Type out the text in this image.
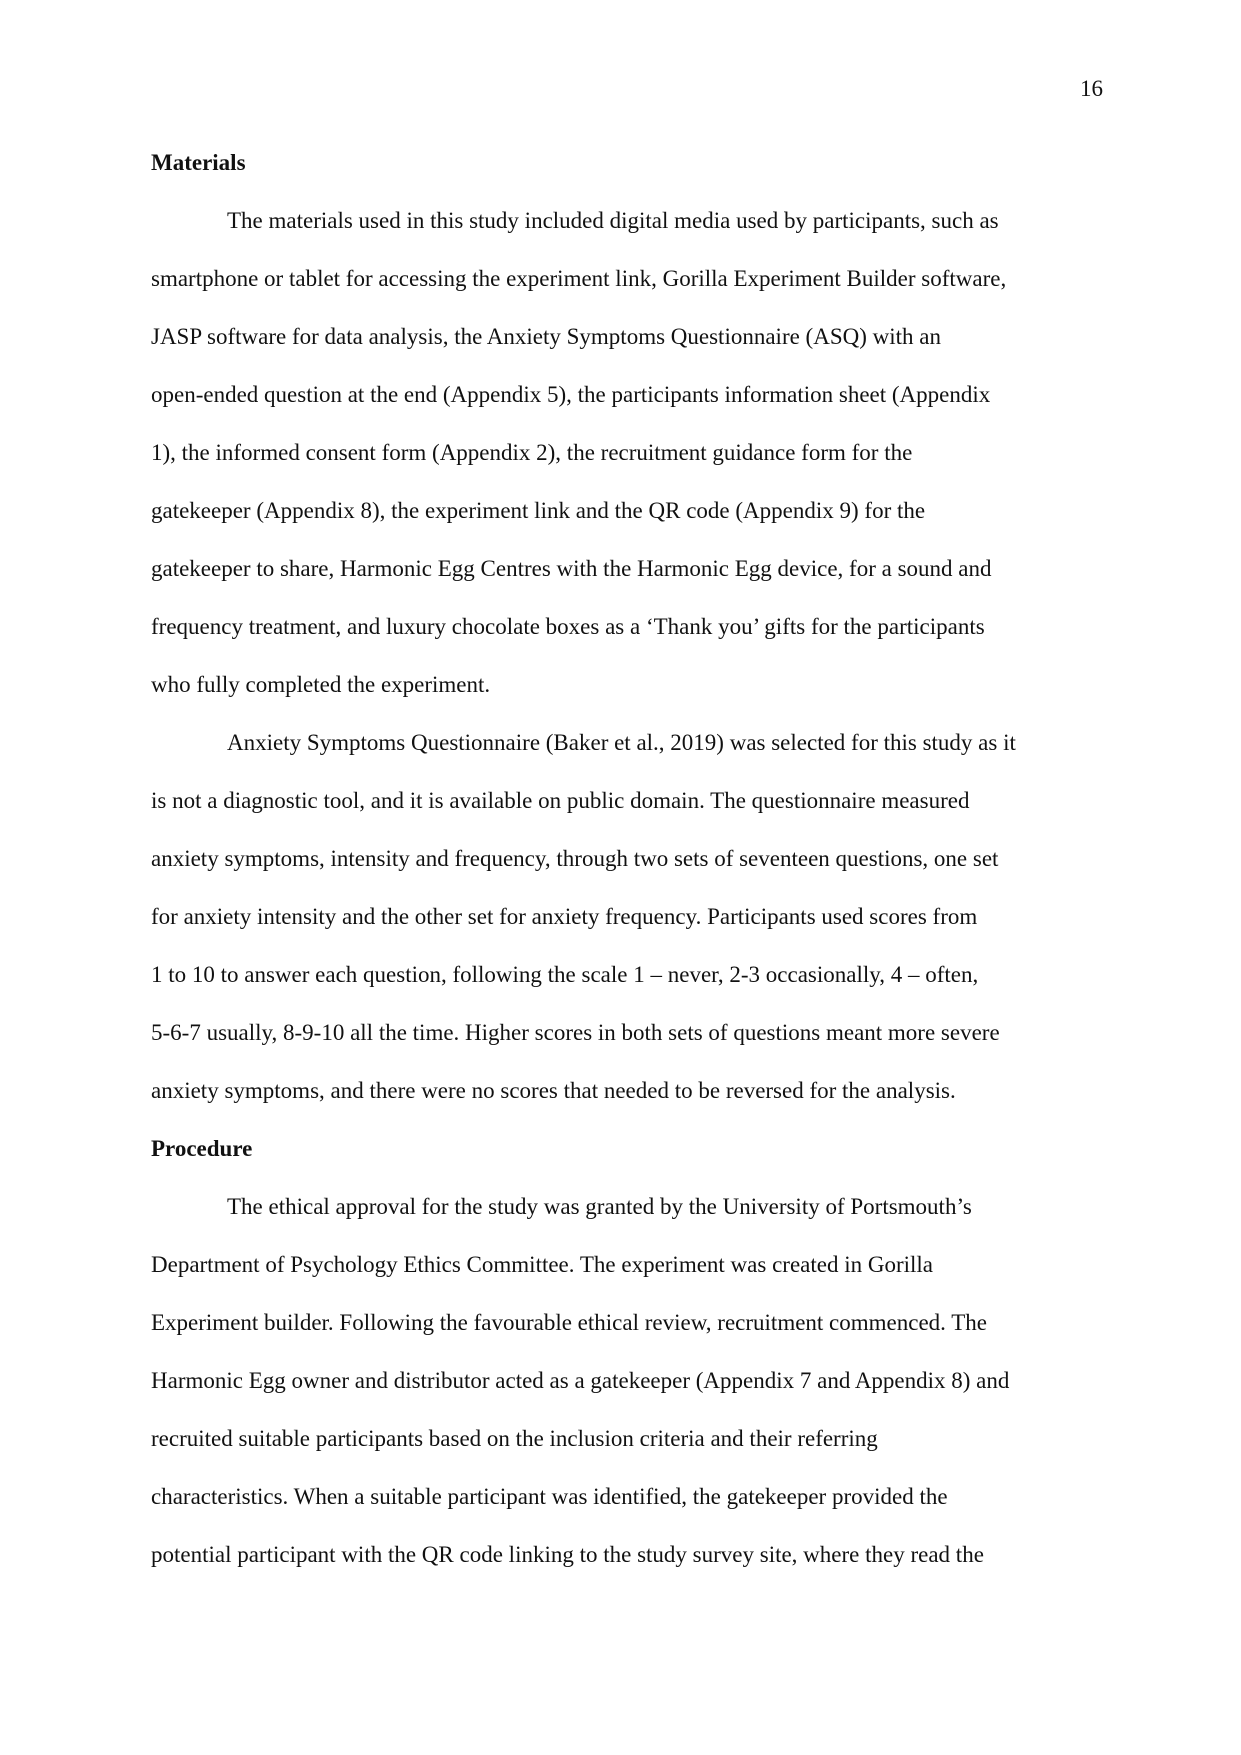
16
Materials
The materials used in this study included digital media used by participants, such as
smartphone or tablet for accessing the experiment link, Gorilla Experiment Builder software,
JASP software for data analysis, the Anxiety Symptoms Questionnaire (ASQ) with an
open-ended question at the end (Appendix 5), the participants information sheet (Appendix
1), the informed consent form (Appendix 2), the recruitment guidance form for the
gatekeeper (Appendix 8), the experiment link and the QR code (Appendix 9) for the
gatekeeper to share, Harmonic Egg Centres with the Harmonic Egg device, for a sound and
frequency treatment, and luxury chocolate boxes as a ‘Thank you’ gifts for the participants
who fully completed the experiment.
Anxiety Symptoms Questionnaire (Baker et al., 2019) was selected for this study as it
is not a diagnostic tool, and it is available on public domain. The questionnaire measured
anxiety symptoms, intensity and frequency, through two sets of seventeen questions, one set
for anxiety intensity and the other set for anxiety frequency. Participants used scores from
1 to 10 to answer each question, following the scale 1 – never, 2-3 occasionally, 4 – often,
5-6-7 usually, 8-9-10 all the time. Higher scores in both sets of questions meant more severe
anxiety symptoms, and there were no scores that needed to be reversed for the analysis.
Procedure
The ethical approval for the study was granted by the University of Portsmouth’s
Department of Psychology Ethics Committee. The experiment was created in Gorilla
Experiment builder. Following the favourable ethical review, recruitment commenced. The
Harmonic Egg owner and distributor acted as a gatekeeper (Appendix 7 and Appendix 8) and
recruited suitable participants based on the inclusion criteria and their referring
characteristics. When a suitable participant was identified, the gatekeeper provided the
potential participant with the QR code linking to the study survey site, where they read the
